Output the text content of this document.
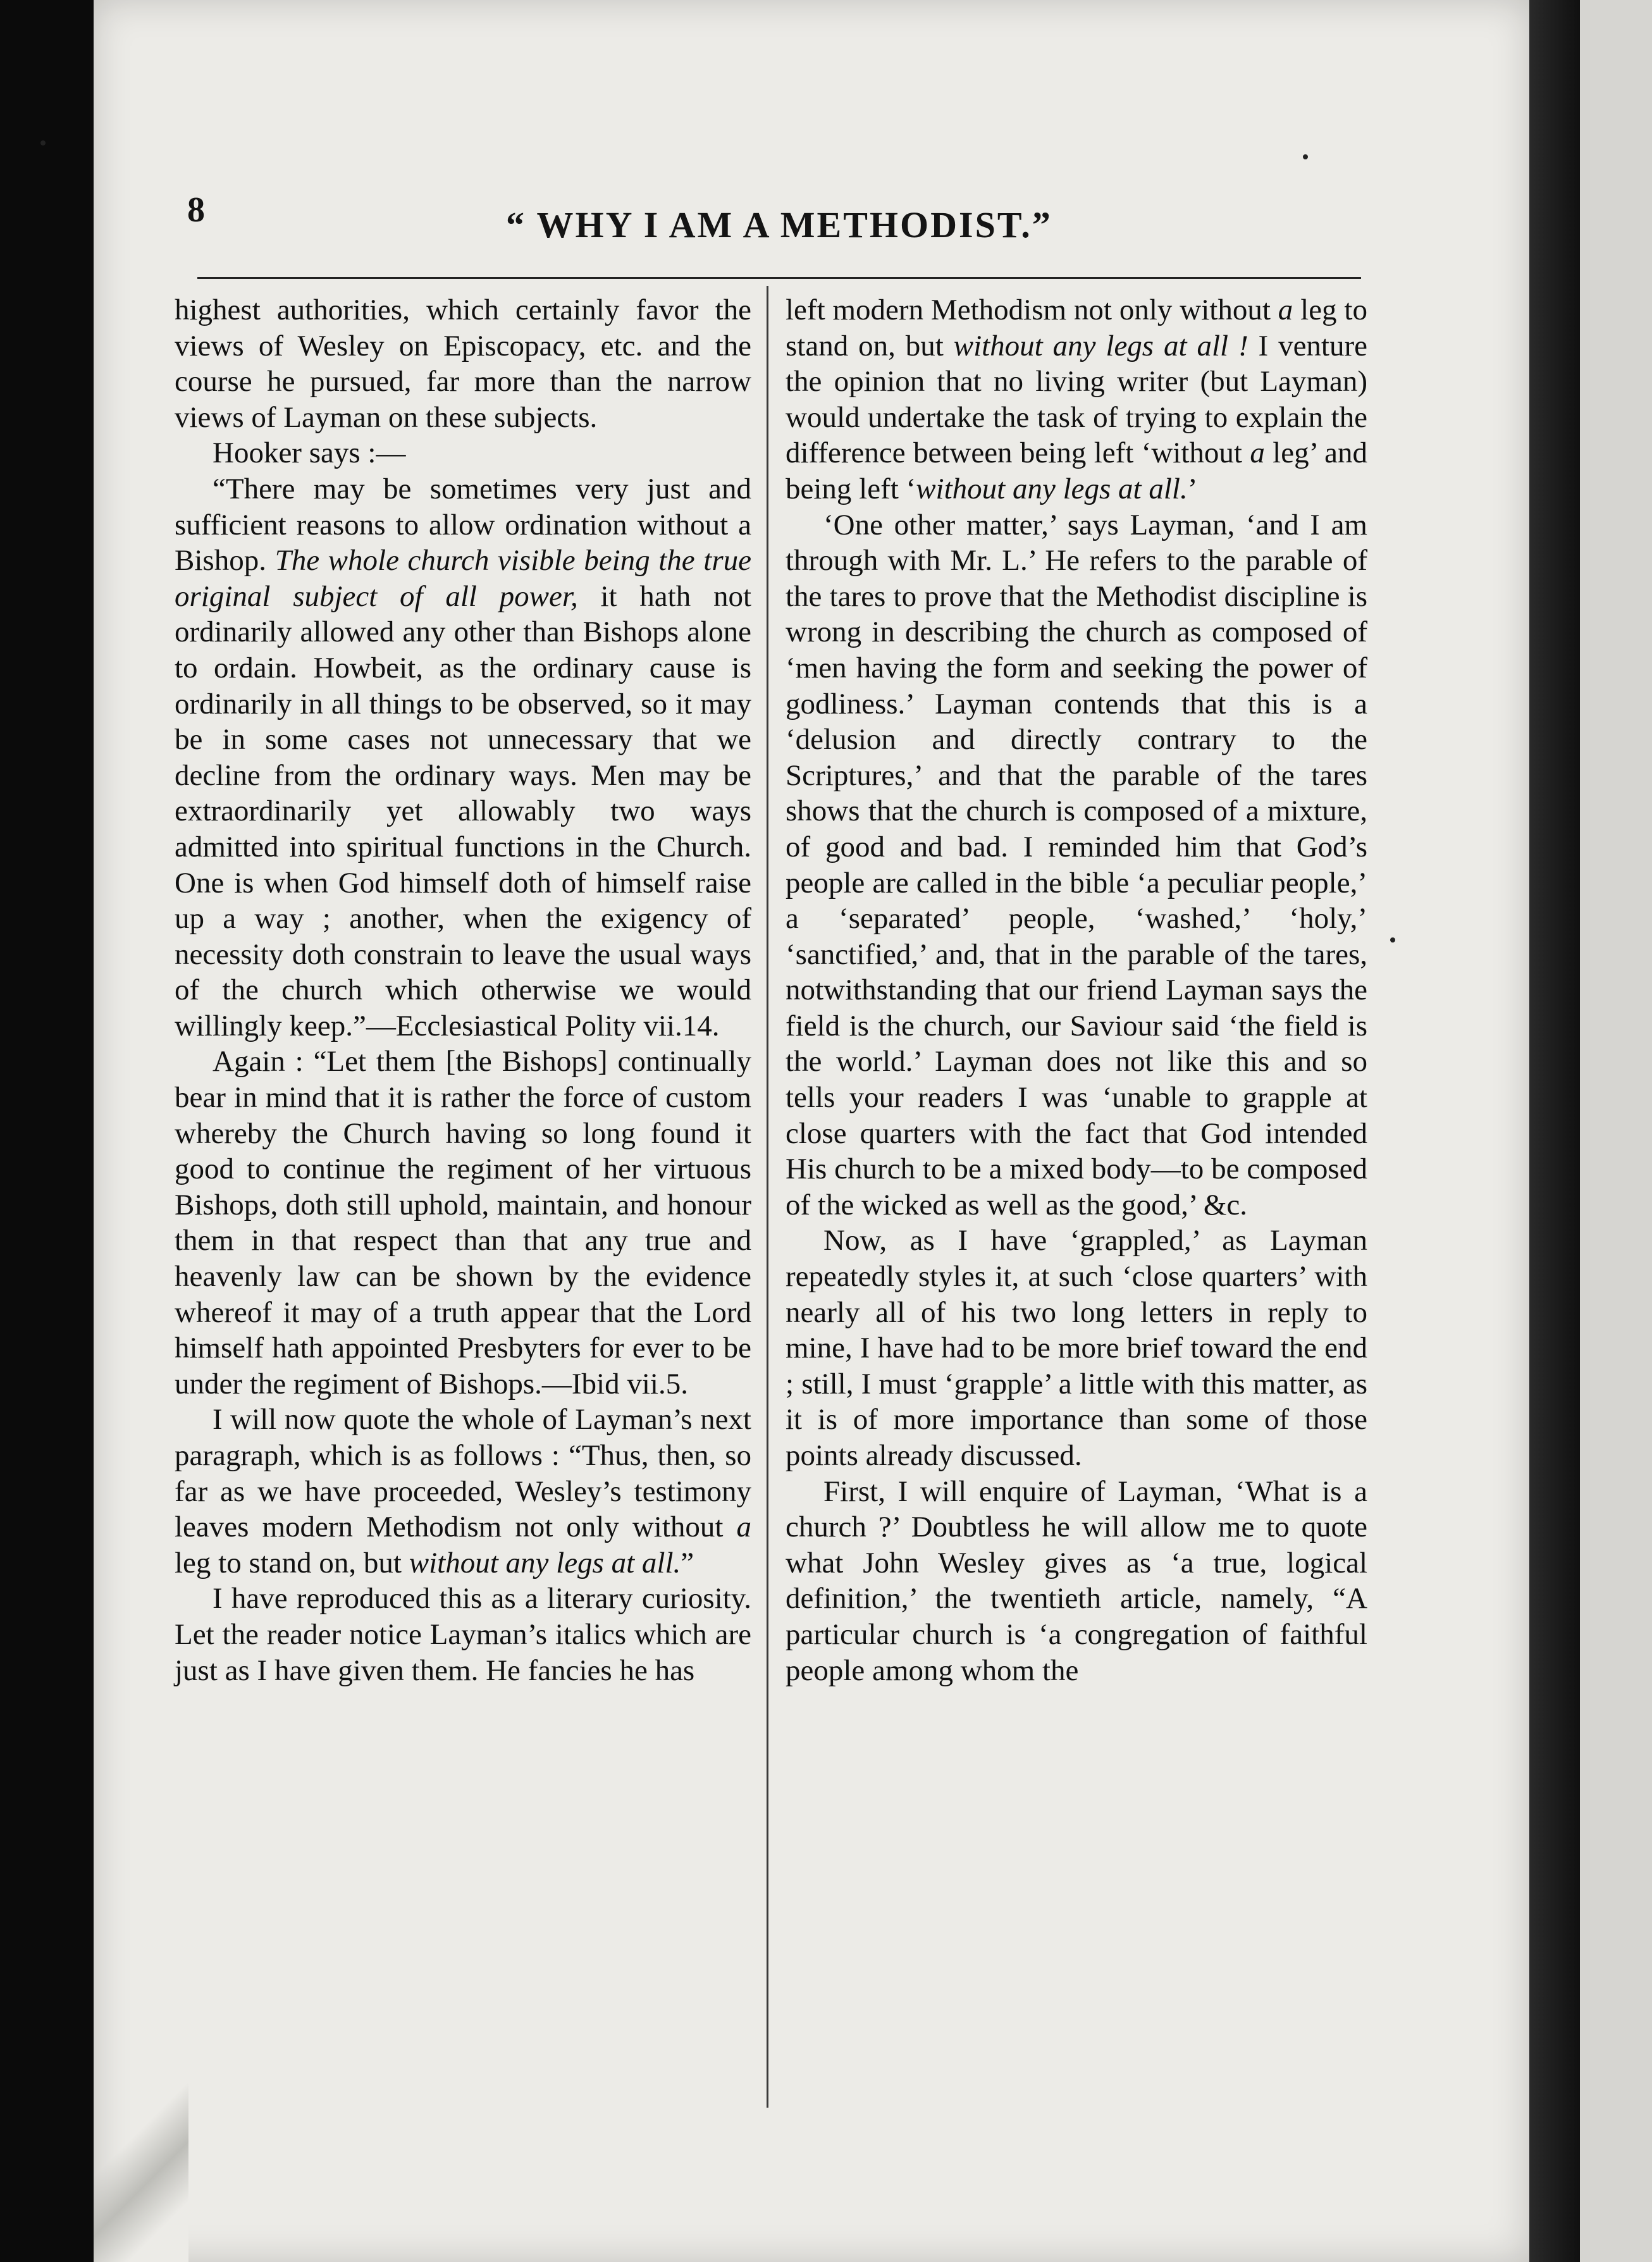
8	“ WHY I AM A METHODIST.”

highest authorities, which certainly favor the views of Wesley on Episcopacy, etc. and the course he pursued, far more than the narrow views of Layman on these subjects.

Hooker says :—

“There may be sometimes very just and sufficient reasons to allow ordination without a Bishop. The whole church visible being the true original subject of all power, it hath not ordinarily allowed any other than Bishops alone to ordain. Howbeit, as the ordinary cause is ordinarily in all things to be observed, so it may be in some cases not unnecessary that we decline from the ordinary ways. Men may be extraordinarily yet allowably two ways admitted into spiritual functions in the Church. One is when God himself doth of himself raise up a way ; another, when the exigency of necessity doth constrain to leave the usual ways of the church which otherwise we would willingly keep.”—Ecclesiastical Polity vii.14.

Again : “Let them [the Bishops] continually bear in mind that it is rather the force of custom whereby the Church having so long found it good to continue the regiment of her virtuous Bishops, doth still uphold, maintain, and honour them in that respect than that any true and heavenly law can be shown by the evidence whereof it may of a truth appear that the Lord himself hath appointed Presbyters for ever to be under the regiment of Bishops.—Ibid vii.5.

I will now quote the whole of Layman’s next paragraph, which is as follows : “Thus, then, so far as we have proceeded, Wesley’s testimony leaves modern Methodism not only without a leg to stand on, but without any legs at all.”

I have reproduced this as a literary curiosity. Let the reader notice Layman’s italics which are just as I have given them. He fancies he has

left modern Methodism not only without a leg to stand on, but without any legs at all ! I venture the opinion that no living writer (but Layman) would undertake the task of trying to explain the difference between being left ‘without a leg’ and being left ‘without any legs at all.’

‘One other matter,’ says Layman, ‘and I am through with Mr. L.’ He refers to the parable of the tares to prove that the Methodist discipline is wrong in describing the church as composed of ‘men having the form and seeking the power of godliness.’ Layman contends that this is a ‘delusion and directly contrary to the Scriptures,’ and that the parable of the tares shows that the church is composed of a mixture, of good and bad. I reminded him that God’s people are called in the bible ‘a peculiar people,’ a ‘separated’ people, ‘washed,’ ‘holy,’ ‘sanctified,’ and, that in the parable of the tares, notwithstanding that our friend Layman says the field is the church, our Saviour said ‘the field is the world.’ Layman does not like this and so tells your readers I was ‘unable to grapple at close quarters with the fact that God intended His church to be a mixed body—to be composed of the wicked as well as the good,’ &c.

Now, as I have ‘grappled,’ as Layman repeatedly styles it, at such ‘close quarters’ with nearly all of his two long letters in reply to mine, I have had to be more brief toward the end ; still, I must ‘grapple’ a little with this matter, as it is of more importance than some of those points already discussed.

First, I will enquire of Layman, ‘What is a church ?’ Doubtless he will allow me to quote what John Wesley gives as ‘a true, logical definition,’ the twentieth article, namely, “A particular church is ‘a congregation of faithful people among whom the
